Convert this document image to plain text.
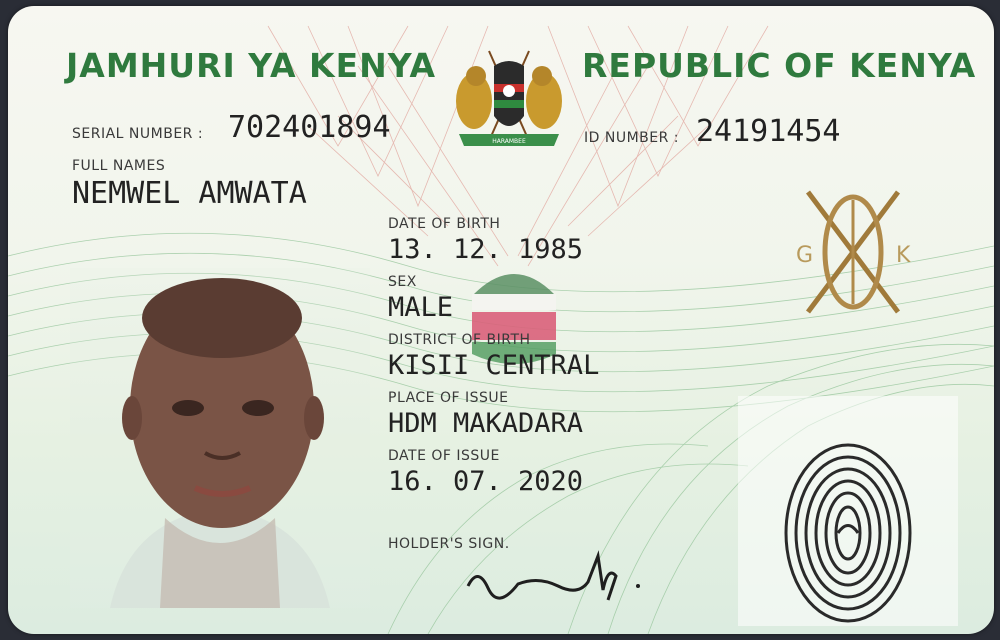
JAMHURI YA KENYA	REPUBLIC OF KENYA
HARAMBEE
SERIAL NUMBER : 702401894	ID NUMBER : 24191454
FULL NAMES
NEMWEL AMWATA
DATE OF BIRTH
13. 12. 1985
SEX
MALE
DISTRICT OF BIRTH
KISII CENTRAL
PLACE OF ISSUE
HDM MAKADARA
DATE OF ISSUE
16. 07. 2020
HOLDER'S SIGN.
G	K
